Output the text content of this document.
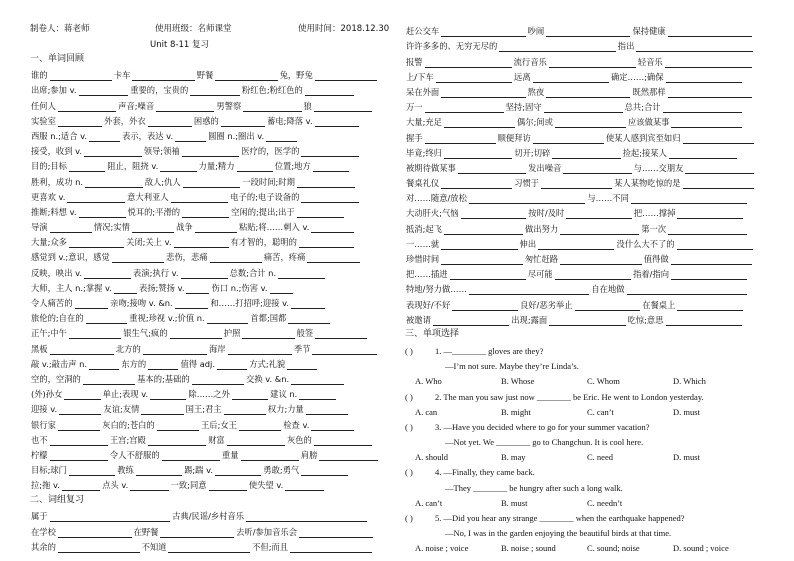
制卷人：蒋老师	使用班级：名师课堂	使用时间：2018.12.30
Unit 8-11 复习
一、单词回顾
谁的	卡车	野餐	兔，野兔
出席;参加 v.	重要的，宝贵的	粉红色;粉红色的
任何人	声音;噪音	男警察	狼
实验室	外套，外衣	困惑的	蓄电;降落 v.
西服 n.;适合 v.	表示，表达 v.	圆圈 n.;圈出 v.
接受，收到 v.	领导;领袖	医疗的，医学的
目的;目标	阻止，阻挠 v.	力量;精力	位置;地方
胜利，成功 n.	敌人;仇人	一段时间;时期
更喜欢 v.	意大利亚人	电子的;电子设备的
推断;料想 v.	悦耳的;平滑的	空闲的;提出;出于
导演	情况;实情	战争	粘贴;将……刺入 v.
大量;众多	关闭;关上 v.	有才智的，聪明的
感觉到 v.;意识，感觉	悲伤，悲痛	痛苦，疼痛
反映，映出 v.	表演;执行 v.	总数;合计 n.
大师，主人 n.;掌握 v.	表扬;赞扬 v.	伤口 n.;伤害 v.
令人痛苦的	亲吻;接吻 v. &n.	和……打招呼;迎接 v.
旅伦的;自在的	重视;珍视 v.;价值 n.	首都;国都
正午;中午	银生气;疯的	护照	般签
黑板	北方的	海岸	季节
敲 v.;敲击声 n.	东方的	值得 adj.	方式;礼貌
空的，空洞的	基本的;基础的	交换 v. &n.
(外)孙女	单止;表现 v.	除……之外	建议 n.
迎接 v.	友谊;友情	国王;君主	权力;力量
银行家	灰白的;苍白的	王后;女王	检查 v.
也不	王宫;宫殿	财富	灰色的
柠檬	令人不舒服的	重量	肩膀
目标;球门	教练	踢;踹 v.	勇敢;勇气
拉;拖 v.	点头 v.	一致;同意	使失望 v.
二、词组复习
属于	古典/民谣/乡村音乐
在学校	在野餐	去听/参加音乐会
其余的	不知道	不但;而且
赶公交车	吵闹	保持健康
许许多多的、无穷无尽的	指出
报警	流行音乐	轻音乐
上/下车	远离	确定……;确保
呆在外面	熬夜	既然那样
万一	坚持;固守	总共;合计
大量;充足	偶尔;间或	应该做某事
握手	顺便拜访	使某人感到宾至如归
毕竟;终归	切开;切碎	捡起;接某人
被期待做某事	发出噪音	与……交朋友
餐桌礼仪	习惯于	某人某物吃惊的是
对……随意/放松	与……不同
大动肝火;气恼	按时/及时	把……撑掉
抵消;起飞	做出努力	第一次
一……就	伸出	没什么大不了的
珍惜时间	匆忙赶路	值得做
把……插进	尽可能	指着/指向
特地/努力做……	自在地做
表现好/不好	良好/恶劣举止	在餐桌上
被邀请	出现;露面	吃惊;意思
三、单项选择
( )	1. —________ gloves are they?
—I’m not sure. Maybe they’re Linda’s.
A. Who	B. Whose	C. Whom	D. Which
( )	2. The man you saw just now ________ be Eric. He went to London yesterday.
A. can	B. might	C. can’t	D. must
( )	3. —Have you decided where to go for your summer vacation?
—Not yet. We ________ go to Changchun. It is cool here.
A. should	B. may	C. need	D. must
( )	4. —Finally, they came back.
—They ________ be hungry after such a long walk.
A. can’t	B. must	C. needn’t
( )	5. —Did you hear any strange ________ when the earthquake happened?
—No, I was in the garden enjoying the beautiful birds at that time.
A. noise ; voice	B. noise ; sound	C. sound; noise	D. sound ; voice
